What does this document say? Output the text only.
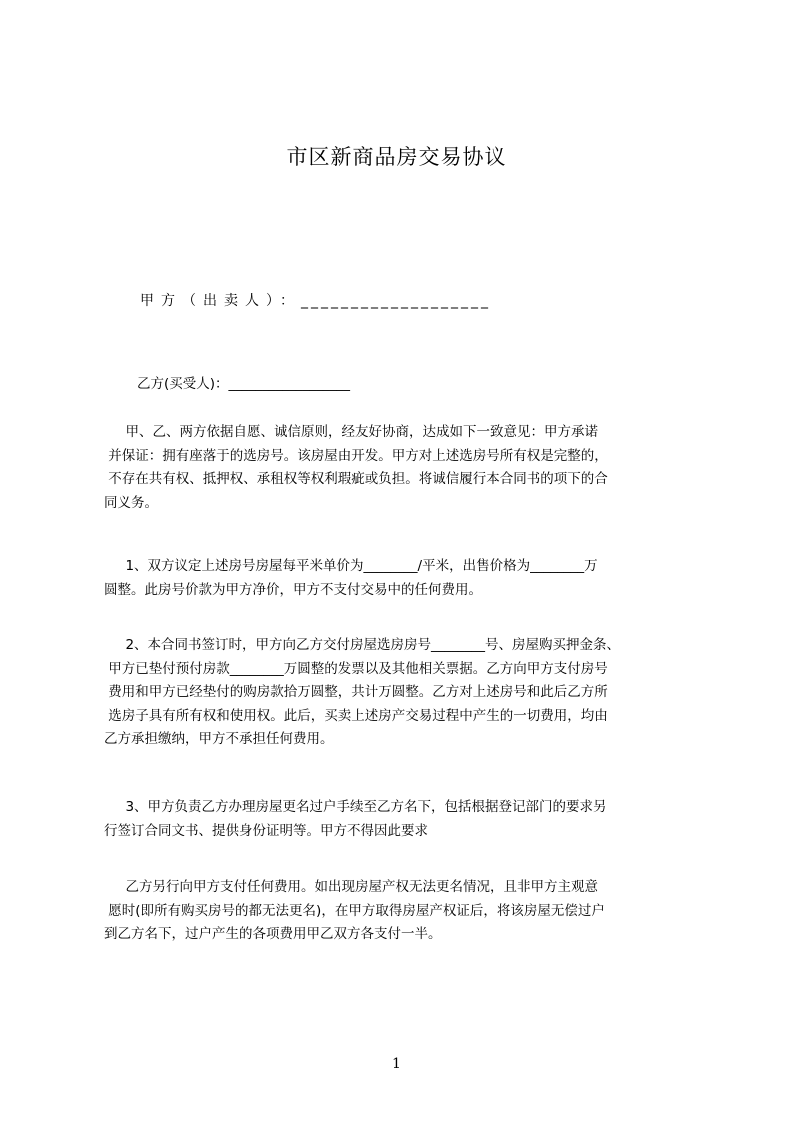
市区新商品房交易协议
甲方（出卖人）：___________________
乙方(买受人)：__________________
甲、乙、两方依据自愿、诚信原则，经友好协商，达成如下一致意见：甲方承诺
并保证：拥有座落于的选房号。该房屋由开发。甲方对上述选房号所有权是完整的，
不存在共有权、抵押权、承租权等权利瑕疵或负担。将诚信履行本合同书的项下的合
同义务。
1、双方议定上述房号房屋每平米单价为________/平米，出售价格为________万
圆整。此房号价款为甲方净价，甲方不支付交易中的任何费用。
2、本合同书签订时，甲方向乙方交付房屋选房房号________号、房屋购买押金条、
甲方已垫付预付房款________万圆整的发票以及其他相关票据。乙方向甲方支付房号
费用和甲方已经垫付的购房款拾万圆整，共计万圆整。乙方对上述房号和此后乙方所
选房子具有所有权和使用权。此后，买卖上述房产交易过程中产生的一切费用，均由
乙方承担缴纳，甲方不承担任何费用。
3、甲方负责乙方办理房屋更名过户手续至乙方名下，包括根据登记部门的要求另
行签订合同文书、提供身份证明等。甲方不得因此要求
乙方另行向甲方支付任何费用。如出现房屋产权无法更名情况，且非甲方主观意
愿时(即所有购买房号的都无法更名)，在甲方取得房屋产权证后，将该房屋无偿过户
到乙方名下，过户产生的各项费用甲乙双方各支付一半。
1
